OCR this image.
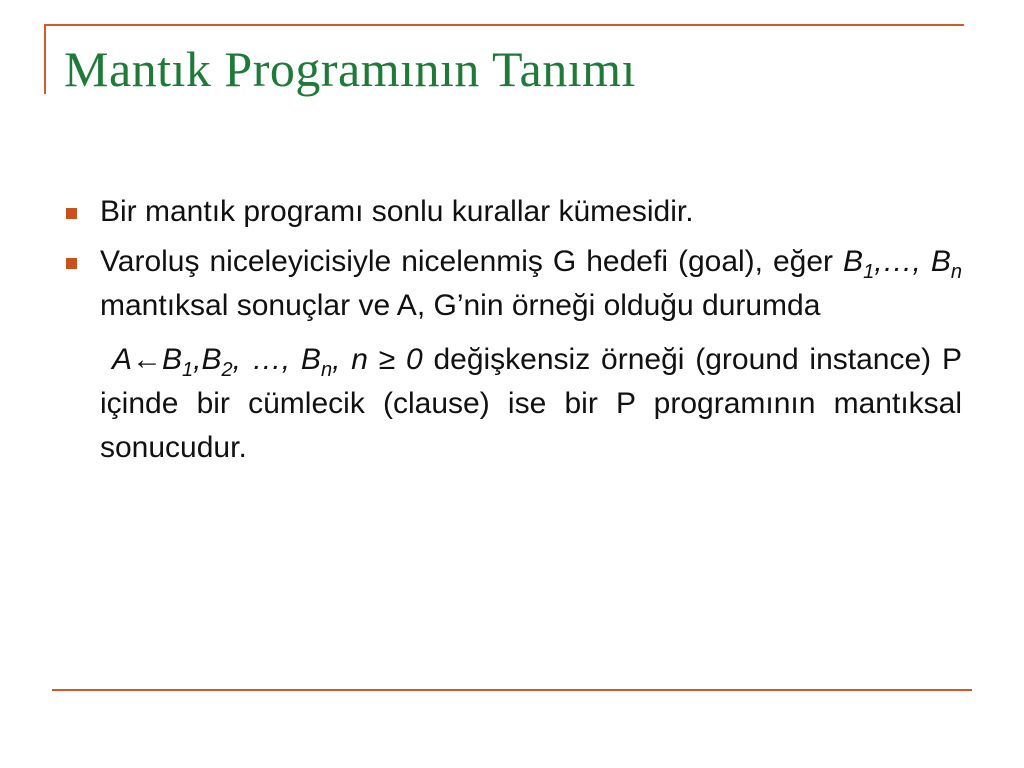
Mantık Programının Tanımı
Bir mantık programı sonlu kurallar kümesidir.
Varoluş niceleyicisiyle nicelenmiş G hedefi (goal), eğer $B_1,\dots$, $B_n$ mantıksal sonuçlar ve A, G’nin örneği olduğu durumda
$A\leftarrow B_1,B_2$, …, $B_n$, n ≥ 0 değişkensiz örneği (ground instance) P içinde bir cümlecik (clause) ise bir P programının mantıksal sonucudur.
